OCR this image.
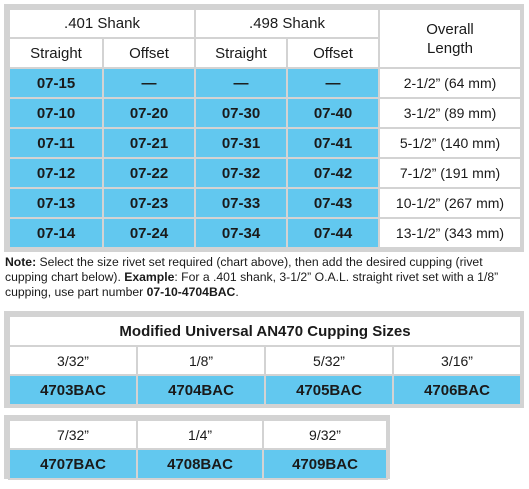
.401 Shank		.498 Shank		Overall
Length
Straight	Offset	Straight	Offset	
07-15	—	—	—	2-1/2” (64 mm)
07-10	07-20	07-30	07-40	3-1/2” (89 mm)
07-11	07-21	07-31	07-41	5-1/2” (140 mm)
07-12	07-22	07-32	07-42	7-1/2” (191 mm)
07-13	07-23	07-33	07-43	10-1/2” (267 mm)
07-14	07-24	07-34	07-44	13-1/2” (343 mm)
Note: Select the size rivet set required (chart above), then add the desired cupping (rivet cupping chart below). Example: For a .401 shank, 3-1/2” O.A.L. straight rivet set with a 1/8” cupping, use part number 07-10-4704BAC.
Modified Universal AN470 Cupping Sizes			
3/32”	1/8”	5/32”	3/16”
4703BAC	4704BAC	4705BAC	4706BAC
7/32”	1/4”	9/32”
4707BAC	4708BAC	4709BAC
